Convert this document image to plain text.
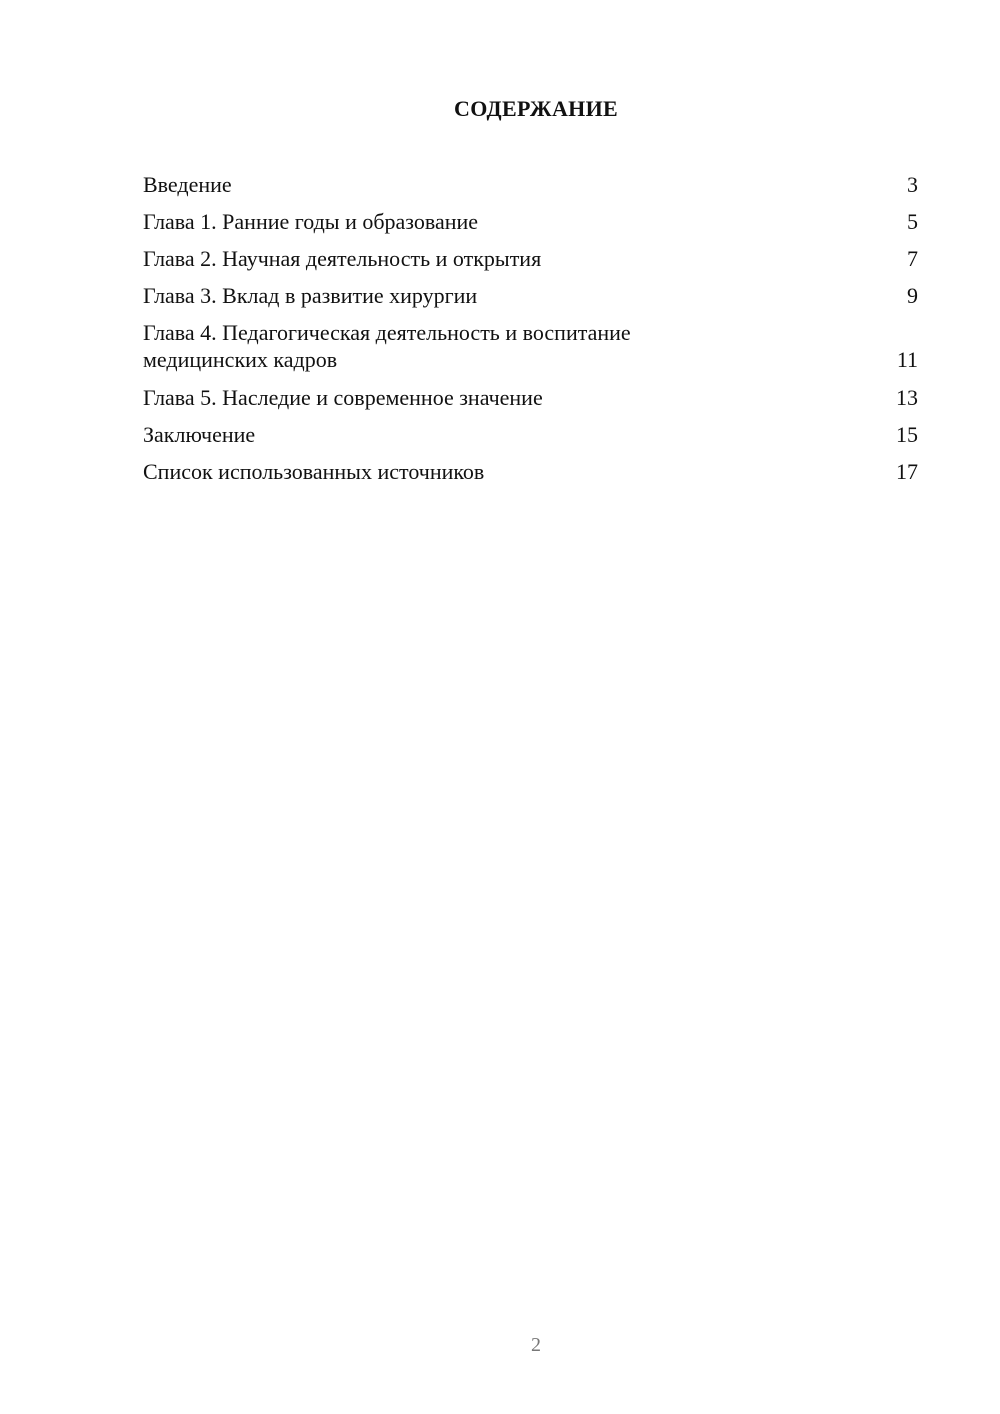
СОДЕРЖАНИЕ
Введение	3
Глава 1. Ранние годы и образование	5
Глава 2. Научная деятельность и открытия	7
Глава 3. Вклад в развитие хирургии	9
Глава 4. Педагогическая деятельность и воспитание медицинских кадров	11
Глава 5. Наследие и современное значение	13
Заключение	15
Список использованных источников	17
2
